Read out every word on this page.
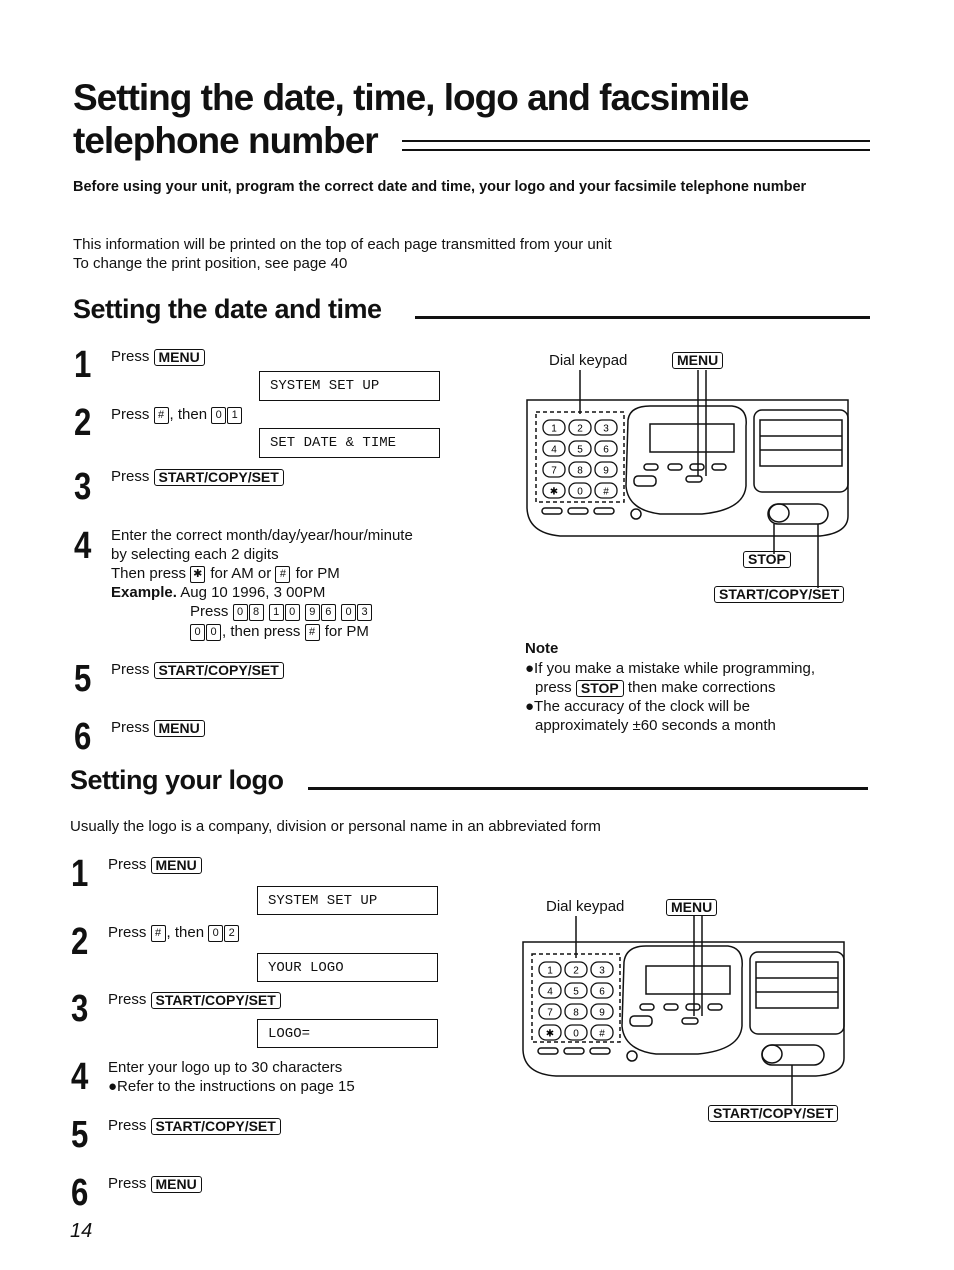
Setting the date, time, logo and facsimile
telephone number
Before using your unit, program the correct date and time, your logo and your facsimile telephone number
This information will be printed on the top of each page transmitted from your unit
To change the print position, see page 40
Setting the date and time
1 Press MENU
SYSTEM SET UP
2 Press # , then 0 1
SET DATE & TIME
3 Press START/COPY/SET
4 Enter the correct month/day/year/hour/minute
by selecting each 2 digits
Then press ✱ for AM or # for PM
Example. Aug 10 1996, 3 00PM
Press 0 8 1 0 9 6 0 3
0 0 , then press # for PM
5 Press START/COPY/SET
6 Press MENU
Dial keypad	MENU
1 2 3
4 5 6
7 8 9
✱ 0 #
STOP
START/COPY/SET
Note
●If you make a mistake while programming,
press STOP then make corrections
●The accuracy of the clock will be
approximately ±60 seconds a month
Setting your logo
Usually the logo is a company, division or personal name in an abbreviated form
1 Press MENU
SYSTEM SET UP
2 Press # , then 0 2
YOUR LOGO
3 Press START/COPY/SET
LOGO=
4 Enter your logo up to 30 characters
●Refer to the instructions on page 15
5 Press START/COPY/SET
6 Press MENU
Dial keypad	MENU
1 2 3
4 5 6
7 8 9
✱ 0 #
START/COPY/SET
14
